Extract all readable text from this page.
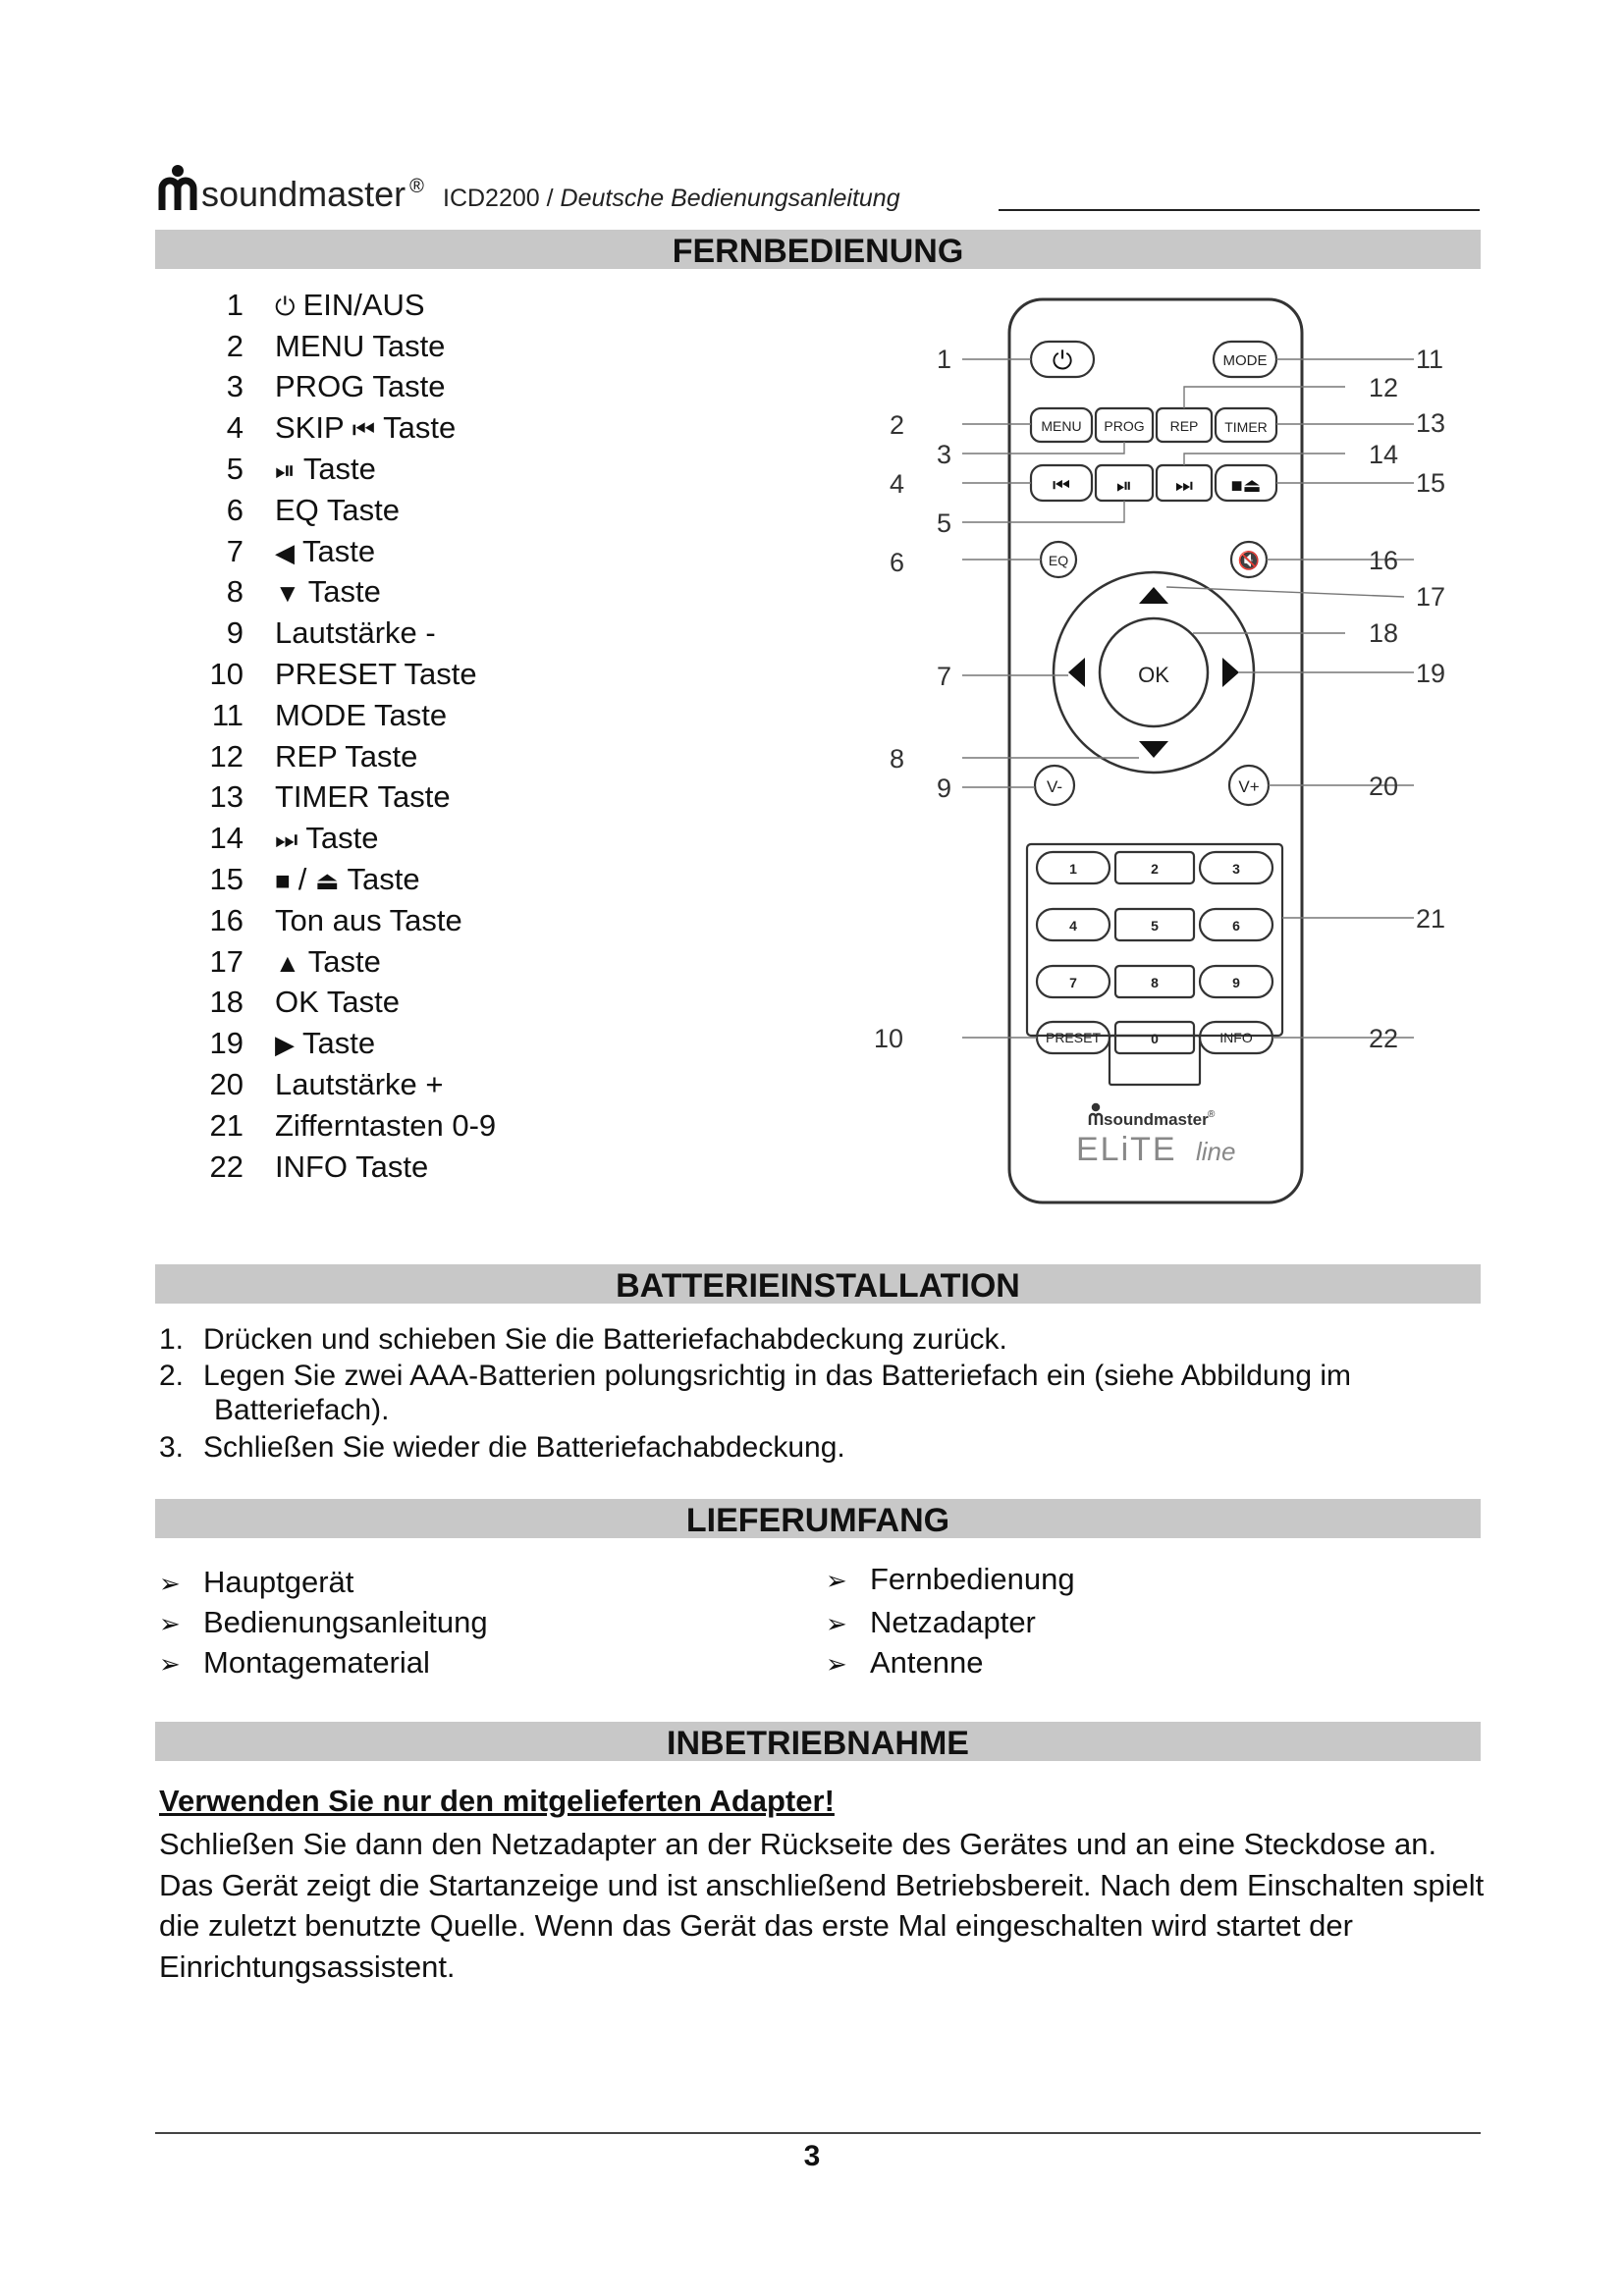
soundmaster ® ICD2200 / Deutsche Bedienungsanleitung
FERNBEDIENUNG
1 ⏻ EIN/AUS
2 MENU Taste
3 PROG Taste
4 SKIP ⏮ Taste
5 ⏯ Taste
6 EQ Taste
7 ◀ Taste
8 ▼ Taste
9 Lautstärke -
10 PRESET Taste
11 MODE Taste
12 REP Taste
13 TIMER Taste
14 ⏭ Taste
15 ■ / ⏏ Taste
16 Ton aus Taste
17 ▲ Taste
18 OK Taste
19 ▶ Taste
20 Lautstärke +
21 Zifferntasten 0-9
22 INFO Taste
⏻	MODE
MENU PROG REP TIMER
⏮ ⏯ ⏭ ■⏏
EQ	🔇
OK
V-	V+
1	2	3
4	5	6
7	8	9
PRESET	0	INFO
soundmaster ®
ELiTE line
1
2
3
4
5
6
7
8
9
10
11
12
13
14
15
16
17
18
19
20
21
22
BATTERIEINSTALLATION
1. Drücken und schieben Sie die Batteriefachabdeckung zurück.
2. Legen Sie zwei AAA-Batterien polungsrichtig in das Batteriefach ein (siehe Abbildung im
Batteriefach).
3. Schließen Sie wieder die Batteriefachabdeckung.
LIEFERUMFANG
➢ Hauptgerät
➢ Bedienungsanleitung
➢ Montagematerial
➢ Fernbedienung
➢ Netzadapter
➢ Antenne
INBETRIEBNAHME
Verwenden Sie nur den mitgelieferten Adapter!
Schließen Sie dann den Netzadapter an der Rückseite des Gerätes und an eine Steckdose an. Das Gerät zeigt die Startanzeige und ist anschließend Betriebsbereit. Nach dem Einschalten spielt die zuletzt benutzte Quelle. Wenn das Gerät das erste Mal eingeschalten wird startet der Einrichtungsassistent.
3
